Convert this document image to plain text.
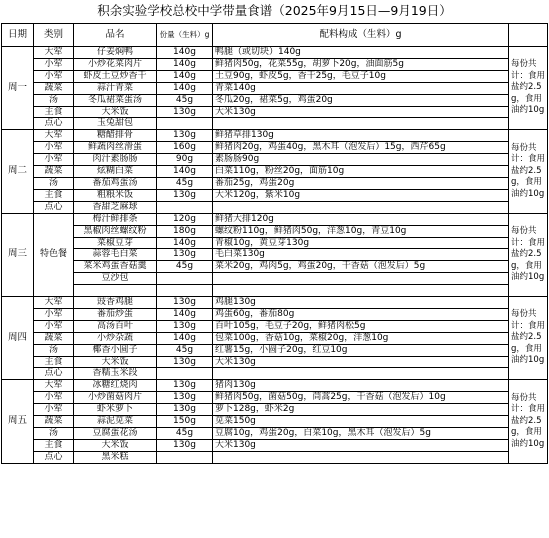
积余实验学校总校中学带量食谱（2025年9月15日—9月19日）
日期	类别	品名	份量（生料）g	配料构成（生料）g	
周一	大荤	仔姜焖鸭	140g	鸭腿（或切块）140g	每份共计：食用盐约2.5g，食用油约10g
	小荤	小炒花菜肉片	140g	鲜猪肉50g，花菜55g，胡萝卜20g，油面筋5g	
	小荤	虾皮土豆炒香干	140g	土豆90g，虾皮5g，香干25g，毛豆子10g	
	蔬菜	蒜汁青菜	140g	青菜140g	
	汤	冬瓜裙菜蛋汤	45g	冬瓜20g，裙菜5g，鸡蛋20g	
	主食	大米饭	130g	大米130g	
	点心	玉兔甜包			
周二	大荤	糖醋排骨	130g	鲜猪草排130g	每份共计：食用盐约2.5g，食用油约10g
	小荤	鲜蔬肉丝滑蛋	160g	鲜猪肉20g，鸡蛋40g，黑木耳（泡发后）15g，西芹65g	
	小荤	肉汁素肠肠	90g	素肠肠90g	
	蔬菜	炫糊白菜	140g	白菜110g，粉丝20g，面筋10g	
	汤	番茄鸡蛋汤	45g	番茄25g，鸡蛋20g	
	主食	粗粮米饭	130g	大米120g，紫米10g	
	点心	香甜芝麻球			
周三	特色餐	梅汁鲜排条	120g	鲜猪大排120g	每份共计：食用盐约2.5g，食用油约10g
		黑椒肉丝螺纹粉	180g	螺纹粉110g，鲜猪肉50g，洋葱10g，青豆10g	
		菜椒豆芽	140g	青椒10g，黄豆芽130g	
		蒜蓉毛白菜	130g	毛白菜130g	
		菜米鸡蛋香菇羹	45g	菜米20g，鸡肉5g，鸡蛋20g，干香菇（泡发后）5g	
		豆沙包			

周四	大荤	豉香鸡腿	130g	鸡腿130g	每份共计：食用盐约2.5g，食用油约10g
	小荤	番茄炒蛋	140g	鸡蛋60g，番茄80g	
	小荤	高汤百叶	130g	百叶105g，毛豆子20g，鲜猪肉松5g	
	蔬菜	小炒杂蔬	140g	包菜100g，香菇10g，菜椒20g，洋葱10g	
	汤	椰香小圆子	45g	红薯15g，小圆子20g，红豆10g	
	主食	大米饭	130g	大米130g	
	点心	香糯玉米段			
周五	大荤	冰糖红烧肉	130g	猪肉130g	每份共计：食用盐约2.5g，食用油约10g
	小荤	小炒菌菇肉片	130g	鲜猪肉50g，菌菇50g，茼蒿25g，干香菇（泡发后）10g	
	小荤	虾米萝卜	130g	萝卜128g，虾米2g	
	蔬菜	蒜泥苋菜	150g	苋菜150g	
	汤	豆腐蛋花汤	45g	豆腐10g，鸡蛋20g，白菜10g，黑木耳（泡发后）5g	
	主食	大米饭	130g	大米130g	
	点心	黑米糕			
